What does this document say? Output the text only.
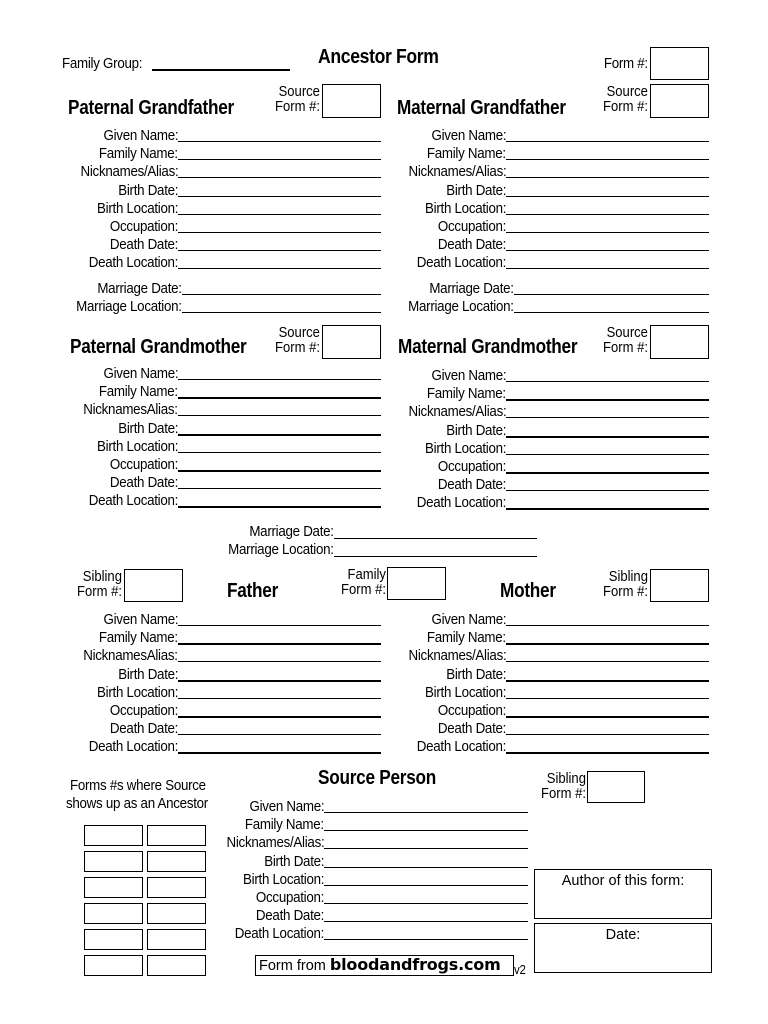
Family Group:	Ancestor Form	Form #:
Paternal Grandfather
Source
Form #:
Given Name:
Family Name:
Nicknames/Alias:
Birth Date:
Birth Location:
Occupation:
Death Date:
Death Location:
Maternal Grandfather
Source
Form #:
Given Name:
Family Name:
Nicknames/Alias:
Birth Date:
Birth Location:
Occupation:
Death Date:
Death Location:
Marriage Date:
Marriage Location:
Marriage Date:
Marriage Location:
Paternal Grandmother
Source
Form #:
Given Name:
Family Name:
NicknamesAlias:
Birth Date:
Birth Location:
Occupation:
Death Date:
Death Location:
Maternal Grandmother
Source
Form #:
Given Name:
Family Name:
Nicknames/Alias:
Birth Date:
Birth Location:
Occupation:
Death Date:
Death Location:
Marriage Date:
Marriage Location:
Sibling
Form #:	Father
Family
Form #:
Given Name:
Family Name:
NicknamesAlias:
Birth Date:
Birth Location:
Occupation:
Death Date:
Death Location:
Mother
Sibling
Form #:
Given Name:
Family Name:
Nicknames/Alias:
Birth Date:
Birth Location:
Occupation:
Death Date:
Death Location:
Forms #s where Source
shows up as an Ancestor
Source Person
Given Name:
Family Name:
Nicknames/Alias:
Birth Date:
Birth Location:
Occupation:
Death Date:
Death Location:
Sibling
Form #:
Author of this form:
Date:
Form from bloodandfrogs.com	v2
